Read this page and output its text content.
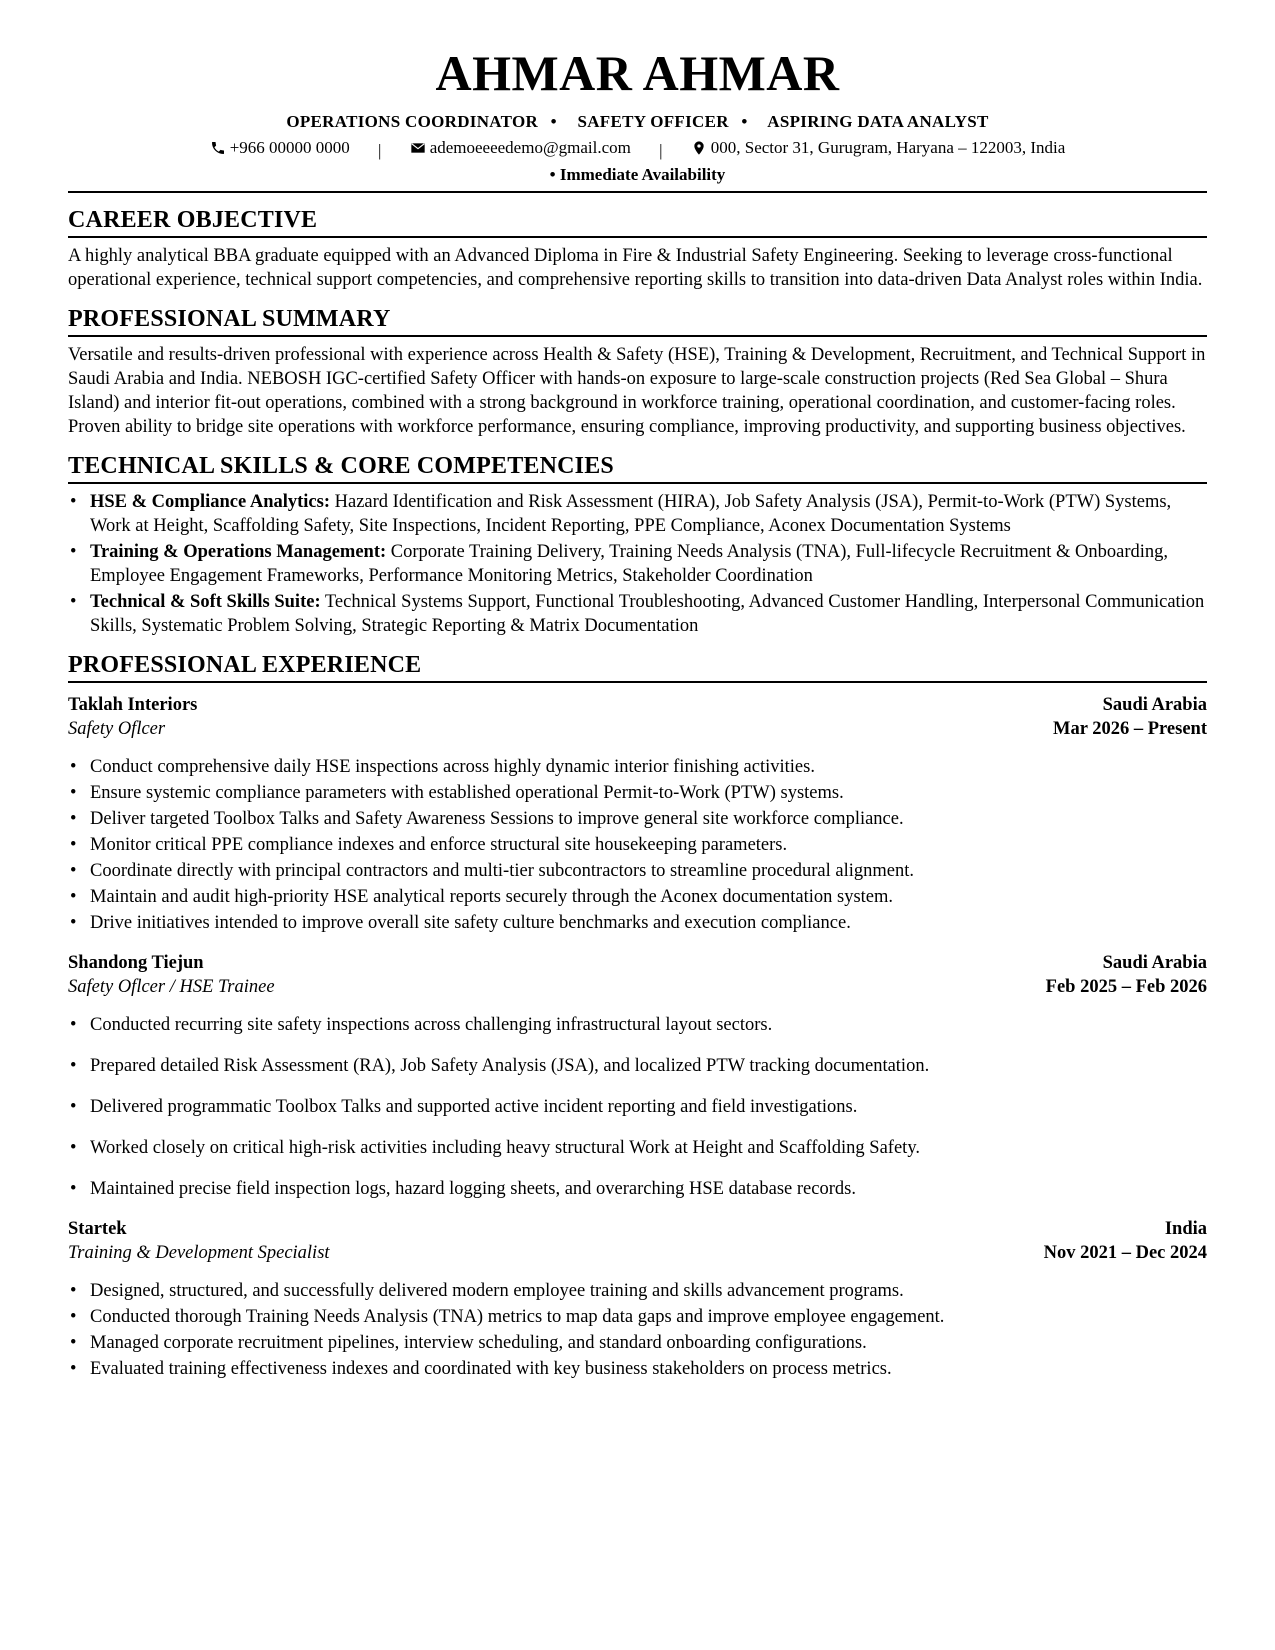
AHMAR AHMAR
OPERATIONS COORDINATOR • SAFETY OFFICER • ASPIRING DATA ANALYST
+966 00000 0000 |	ademoeeeedemo@gmail.com |	000, Sector 31, Gurugram, Haryana – 122003, India
• Immediate Availability
CAREER OBJECTIVE
A highly analytical BBA graduate equipped with an Advanced Diploma in Fire & Industrial Safety Engineering. Seeking to leverage cross-functional operational experience, technical support competencies, and comprehensive reporting skills to transition into data-driven Data Analyst roles within India.
PROFESSIONAL SUMMARY
Versatile and results-driven professional with experience across Health & Safety (HSE), Training & Development, Recruitment, and Technical Support in Saudi Arabia and India. NEBOSH IGC-certified Safety Officer with hands-on exposure to large-scale construction projects (Red Sea Global – Shura Island) and interior fit-out operations, combined with a strong background in workforce training, operational coordination, and customer-facing roles. Proven ability to bridge site operations with workforce performance, ensuring compliance, improving productivity, and supporting business objectives.
TECHNICAL SKILLS & CORE COMPETENCIES
• HSE & Compliance Analytics: Hazard Identification and Risk Assessment (HIRA), Job Safety Analysis (JSA), Permit-to-Work (PTW) Systems, Work at Height, Scaffolding Safety, Site Inspections, Incident Reporting, PPE Compliance, Aconex Documentation Systems
• Training & Operations Management: Corporate Training Delivery, Training Needs Analysis (TNA), Full-lifecycle Recruitment & Onboarding, Employee Engagement Frameworks, Performance Monitoring Metrics, Stakeholder Coordination
• Technical & Soft Skills Suite: Technical Systems Support, Functional Troubleshooting, Advanced Customer Handling, Interpersonal Communication Skills, Systematic Problem Solving, Strategic Reporting & Matrix Documentation
PROFESSIONAL EXPERIENCE
Taklah Interiors	Saudi Arabia
Safety Oflcer	Mar 2026 – Present
• Conduct comprehensive daily HSE inspections across highly dynamic interior finishing activities.
• Ensure systemic compliance parameters with established operational Permit-to-Work (PTW) systems.
• Deliver targeted Toolbox Talks and Safety Awareness Sessions to improve general site workforce compliance.
• Monitor critical PPE compliance indexes and enforce structural site housekeeping parameters.
• Coordinate directly with principal contractors and multi-tier subcontractors to streamline procedural alignment.
• Maintain and audit high-priority HSE analytical reports securely through the Aconex documentation system.
• Drive initiatives intended to improve overall site safety culture benchmarks and execution compliance.
Shandong Tiejun	Saudi Arabia
Safety Oflcer / HSE Trainee	Feb 2025 – Feb 2026
• Conducted recurring site safety inspections across challenging infrastructural layout sectors.
• Prepared detailed Risk Assessment (RA), Job Safety Analysis (JSA), and localized PTW tracking documentation.
• Delivered programmatic Toolbox Talks and supported active incident reporting and field investigations.
• Worked closely on critical high-risk activities including heavy structural Work at Height and Scaffolding Safety.
• Maintained precise field inspection logs, hazard logging sheets, and overarching HSE database records.
Startek	India
Training & Development Specialist	Nov 2021 – Dec 2024
• Designed, structured, and successfully delivered modern employee training and skills advancement programs.
• Conducted thorough Training Needs Analysis (TNA) metrics to map data gaps and improve employee engagement.
• Managed corporate recruitment pipelines, interview scheduling, and standard onboarding configurations.
• Evaluated training effectiveness indexes and coordinated with key business stakeholders on process metrics.
